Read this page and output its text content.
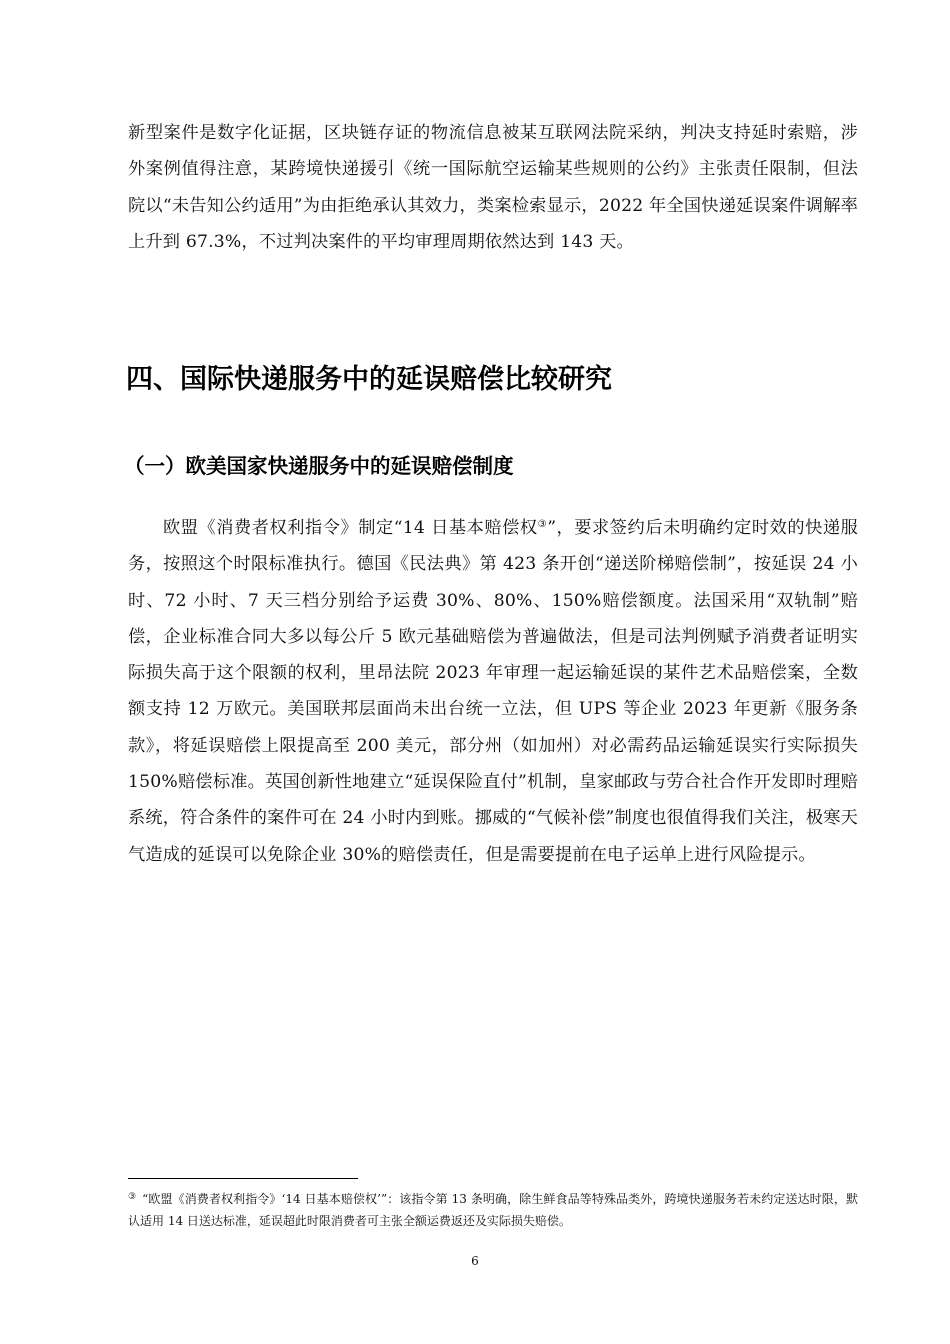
新型案件是数字化证据，区块链存证的物流信息被某互联网法院采纳，判决支持延时索赔，涉外案例值得注意，某跨境快递援引《统一国际航空运输某些规则的公约》主张责任限制，但法院以“未告知公约适用”为由拒绝承认其效力，类案检索显示，2022 年全国快递延误案件调解率上升到 67.3%，不过判决案件的平均审理周期依然达到 143 天。

四、国际快递服务中的延误赔偿比较研究
（一）欧美国家快递服务中的延误赔偿制度

欧盟《消费者权利指令》制定“14 日基本赔偿权③”，要求签约后未明确约定时效的快递服务，按照这个时限标准执行。德国《民法典》第 423 条开创“递送阶梯赔偿制”，按延误 24 小时、72 小时、7 天三档分别给予运费 30%、80%、150%赔偿额度。法国采用“双轨制”赔偿，企业标准合同大多以每公斤 5 欧元基础赔偿为普遍做法，但是司法判例赋予消费者证明实际损失高于这个限额的权利，里昂法院 2023 年审理一起运输延误的某件艺术品赔偿案，全数额支持 12 万欧元。美国联邦层面尚未出台统一立法，但 UPS 等企业 2023 年更新《服务条款》，将延误赔偿上限提高至 200 美元，部分州（如加州）对必需药品运输延误实行实际损失 150%赔偿标准。英国创新性地建立“延误保险直付”机制，皇家邮政与劳合社合作开发即时理赔系统，符合条件的案件可在 24 小时内到账。挪威的“气候补偿”制度也很值得我们关注，极寒天气造成的延误可以免除企业 30%的赔偿责任，但是需要提前在电子运单上进行风险提示。

③ “欧盟《消费者权利指令》‘14 日基本赔偿权’”：该指令第 13 条明确，除生鲜食品等特殊品类外，跨境快递服务若未约定送达时限，默认适用 14 日送达标准，延误超此时限消费者可主张全额运费返还及实际损失赔偿。

6
